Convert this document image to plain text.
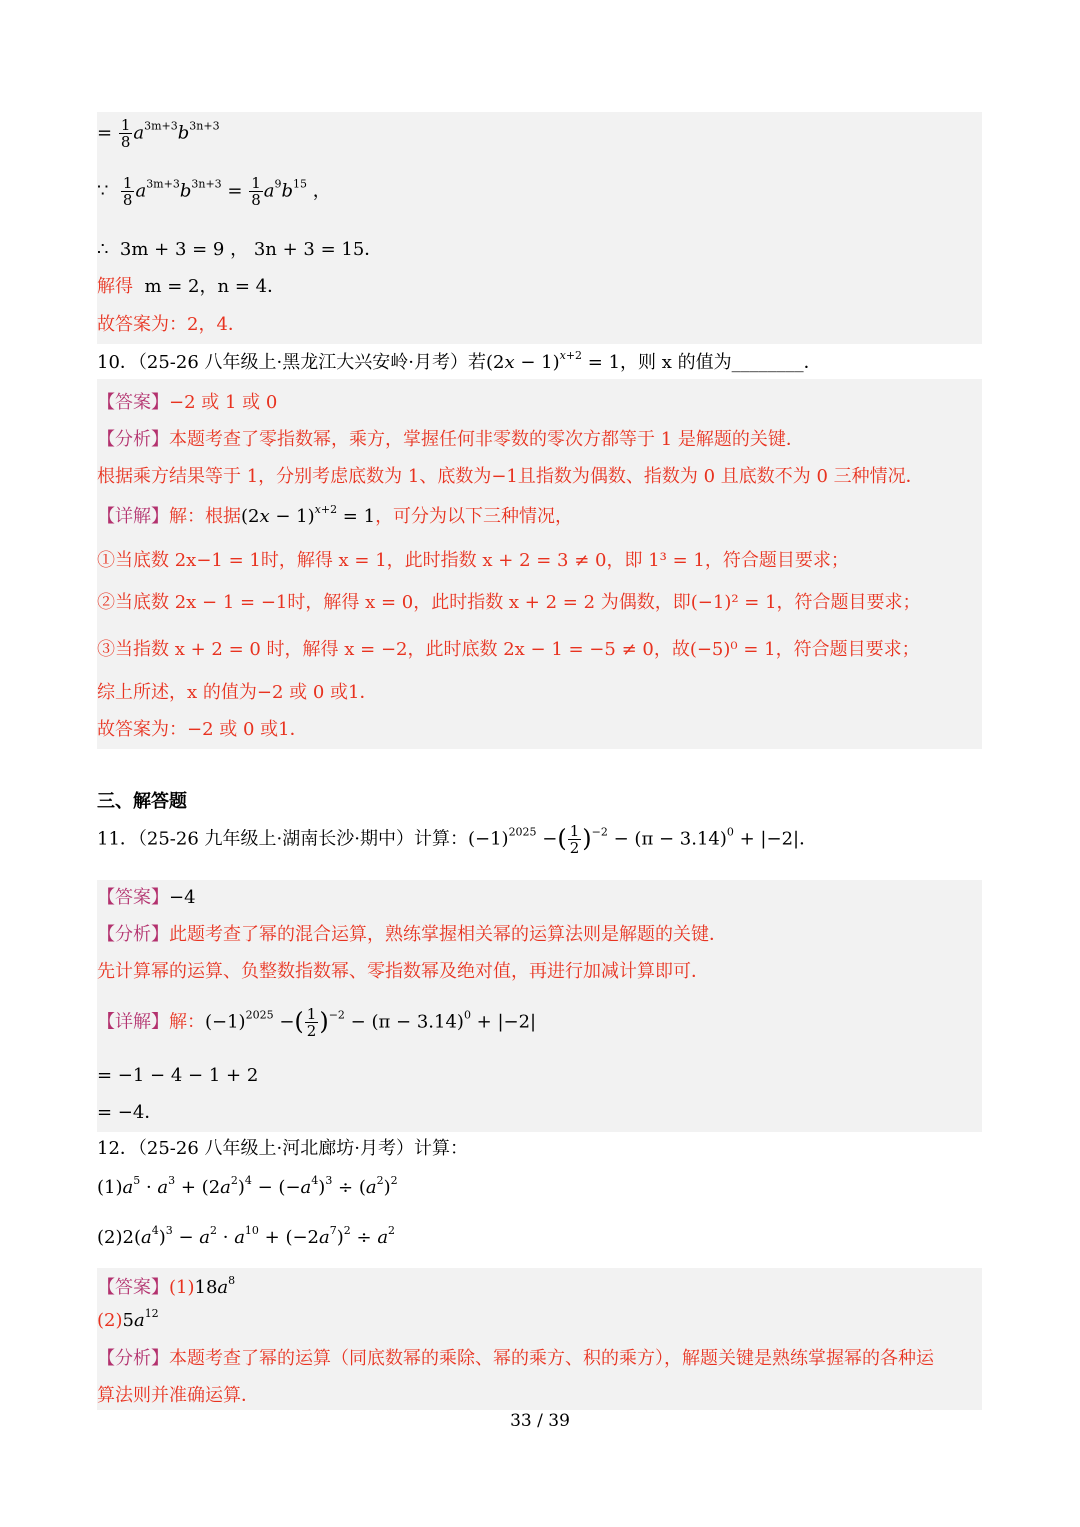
= $\frac{1}{8} a^{3m+3}b^{3n+3}$
∵ $\frac{1}{8} a^{3m+3}b^{3n+3} = \frac{1}{8} a^9b^{15}$ ，
∴ 3m + 3 = 9 ， 3n + 3 = 15．
解得 m = 2，n = 4．
故答案为：2，4．
10．（25-26 八年级上·黑龙江大兴安岭·月考）若$(2x - 1)^{x+2} = 1$，则 x 的值为________．
【答案】−2 或 1 或 0
【分析】本题考查了零指数幂，乘方，掌握任何非零数的零次方都等于 1 是解题的关键．
根据乘方结果等于 1，分别考虑底数为 1、底数为−1且指数为偶数、指数为 0 且底数不为 0 三种情况．
【详解】解：根据$(2x - 1)^{x+2} = 1$，可分为以下三种情况，
①当底数 2x−1 = 1时，解得 x = 1，此时指数 x + 2 = 3 ≠ 0，即 1³ = 1，符合题目要求；
②当底数 2x − 1 = −1时，解得 x = 0，此时指数 x + 2 = 2 为偶数，即(−1)² = 1，符合题目要求；
③当指数 x + 2 = 0 时，解得 x = −2，此时底数 2x − 1 = −5 ≠ 0，故(−5)⁰ = 1，符合题目要求；
综上所述，x 的值为−2 或 0 或1．
故答案为：−2 或 0 或1．
三、解答题
11．（25-26 九年级上·湖南长沙·期中）计算：$(-1)^{2025}$ −( $\frac{1}{2} )^{-2} - (\pi - 3.14)^0 + |-2|$．
【答案】−4
【分析】此题考查了幂的混合运算，熟练掌握相关幂的运算法则是解题的关键．
先计算幂的运算、负整数指数幂、零指数幂及绝对值，再进行加减计算即可．
【详解】解：$(-1)^{2025}$ −( $\frac{1}{2} )^{-2} - (\pi - 3.14)^0 + |-2|$
= −1 − 4 − 1 + 2
= −4．
12．（25-26 八年级上·河北廊坊·月考）计算：
$(1)a^5 \cdot a^3 + (2a^2)^4 - (-a^4)^3 \div (a^2)^2$
$(2)2(a^4)^3 - a^2 \cdot a^{10} + (-2a^7)^2 \div a^2$
【答案】$(1)18a^8$
$(2)5a^{12}$
【分析】本题考查了幂的运算（同底数幂的乘除、幂的乘方、积的乘方），解题关键是熟练掌握幂的各种运
算法则并准确运算．
33 / 39
